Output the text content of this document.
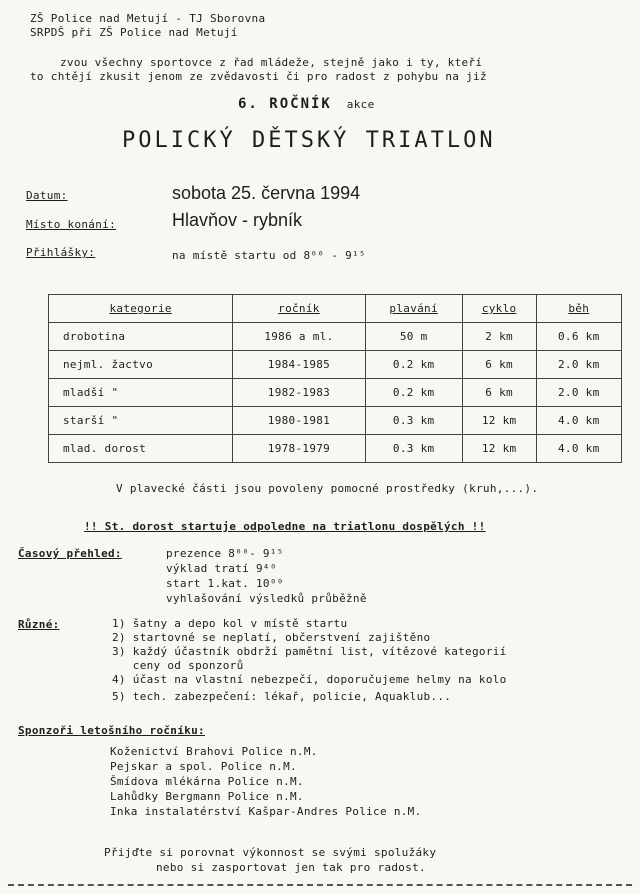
ZŠ Police nad Metují - TJ Sborovna
SRPDŠ při ZŠ Police nad Metují
zvou všechny sportovce z řad mládeže, stejně jako i ty, kteří
to chtějí zkusit jenom ze zvědavosti či pro radost z pohybu na již
6. ROČNÍK akce
POLICKÝ DĚTSKÝ TRIATLON
Datum:	sobota 25. června 1994
Místo konání:	Hlavňov - rybník
Přihlášky:	na místě startu od 8⁰⁰ - 9¹⁵
kategorie	ročník	plavání	cyklo	běh
drobotina	1986 a ml.	50 m	2 km	0.6 km
nejml. žactvo	1984-1985	0.2 km	6 km	2.0 km
mladší "	1982-1983	0.2 km	6 km	2.0 km
starší "	1980-1981	0.3 km	12 km	4.0 km
mlad. dorost	1978-1979	0.3 km	12 km	4.0 km
V plavecké části jsou povoleny pomocné prostředky (kruh,...).
!! St. dorost startuje odpoledne na triatlonu dospělých !!
Časový přehled:	prezence 8⁰⁰- 9¹⁵
výklad tratí 9⁴⁰
start 1.kat. 10⁰⁰
vyhlašování výsledků průběžně
Různé:	1) šatny a depo kol v místě startu
2) startovné se neplatí, občerstvení zajištěno
3) každý účastník obdrží pamětní list, vítězové kategorií
ceny od sponzorů
4) účast na vlastní nebezpečí, doporučujeme helmy na kolo
5) tech. zabezpečení: lékař, policie, Aquaklub...
Sponzoři letošního ročníku:
Koženictví Brahovi Police n.M.
Pejskar a spol. Police n.M.
Šmídova mlékárna Police n.M.
Lahůdky Bergmann Police n.M.
Inka instalatérství Kašpar-Andres Police n.M.
Přijďte si porovnat výkonnost se svými spolužáky
nebo si zasportovat jen tak pro radost.
